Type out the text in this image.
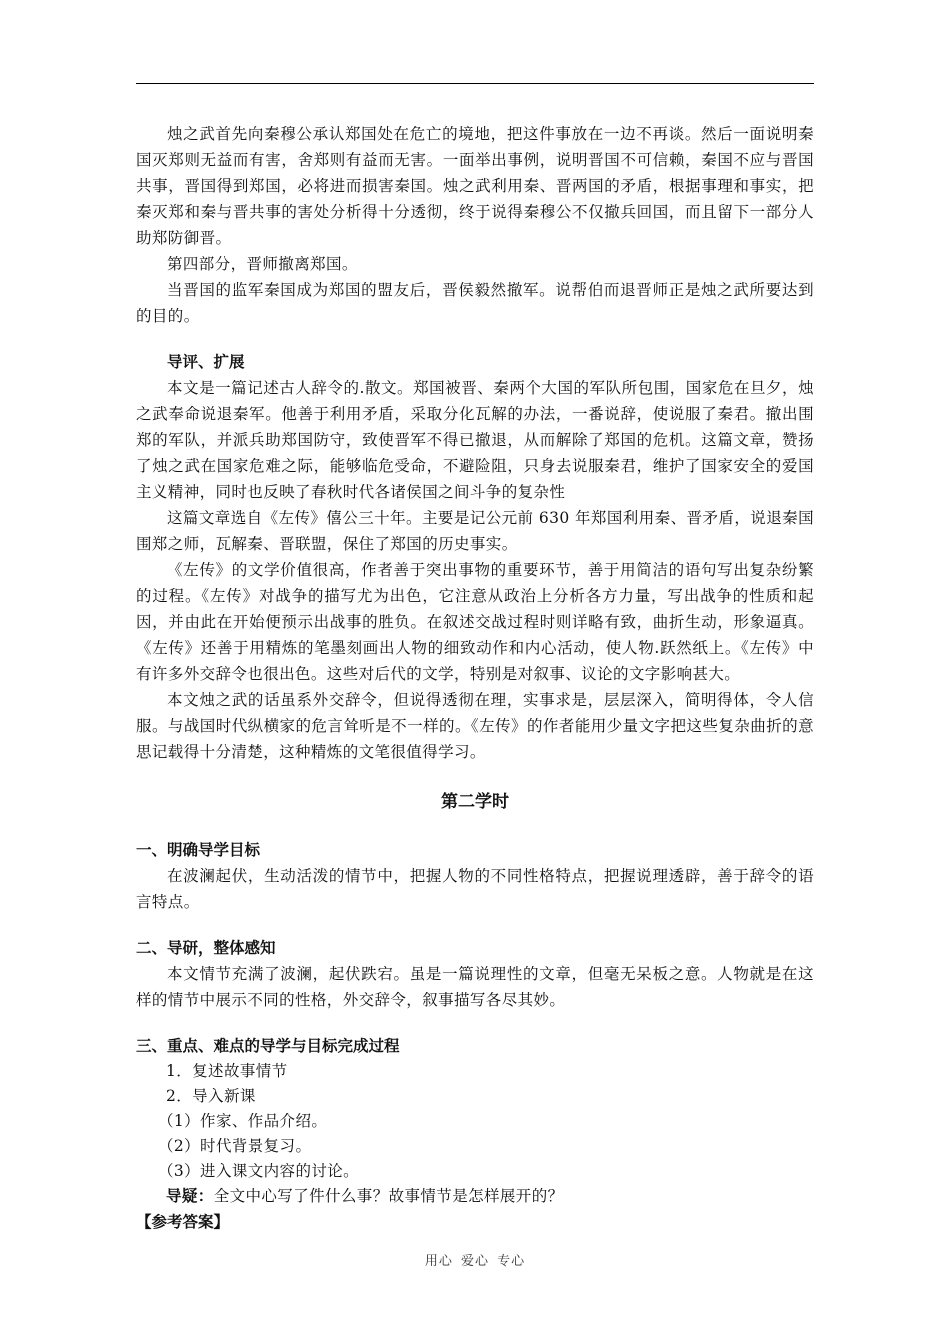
烛之武首先向秦穆公承认郑国处在危亡的境地，把这件事放在一边不再谈。然后一面说明秦国灭郑则无益而有害，舍郑则有益而无害。一面举出事例，说明晋国不可信赖，秦国不应与晋国共事，晋国得到郑国，必将进而损害秦国。烛之武利用秦、晋两国的矛盾，根据事理和事实，把秦灭郑和秦与晋共事的害处分析得十分透彻，终于说得秦穆公不仅撤兵回国，而且留下一部分人助郑防御晋。

第四部分，晋师撤离郑国。

当晋国的监军秦国成为郑国的盟友后，晋侯毅然撤军。说帮伯而退晋师正是烛之武所要达到的目的。

导评、扩展

本文是一篇记述古人辞令的.散文。郑国被晋、秦两个大国的军队所包围，国家危在旦夕，烛之武奉命说退秦军。他善于利用矛盾，采取分化瓦解的办法，一番说辞，使说服了秦君。撤出围郑的军队，并派兵助郑国防守，致使晋军不得已撤退，从而解除了郑国的危机。这篇文章，赞扬了烛之武在国家危难之际，能够临危受命，不避险阻，只身去说服秦君，维护了国家安全的爱国主义精神，同时也反映了春秋时代各诸侯国之间斗争的复杂性

这篇文章选自《左传》僖公三十年。主要是记公元前 630 年郑国利用秦、晋矛盾，说退秦国围郑之师，瓦解秦、晋联盟，保住了郑国的历史事实。

《左传》的文学价值很高，作者善于突出事物的重要环节，善于用简洁的语句写出复杂纷繁的过程。《左传》对战争的描写尤为出色，它注意从政治上分析各方力量，写出战争的性质和起因，并由此在开始便预示出战事的胜负。在叙述交战过程时则详略有致，曲折生动，形象逼真。《左传》还善于用精炼的笔墨刻画出人物的细致动作和内心活动，使人物.跃然纸上。《左传》中有许多外交辞令也很出色。这些对后代的文学，特别是对叙事、议论的文字影响甚大。

本文烛之武的话虽系外交辞令，但说得透彻在理，实事求是，层层深入，简明得体，令人信服。与战国时代纵横家的危言耸听是不一样的。《左传》的作者能用少量文字把这些复杂曲折的意思记载得十分清楚，这种精炼的文笔很值得学习。

第二学时

一、明确导学目标

在波澜起伏，生动活泼的情节中，把握人物的不同性格特点，把握说理透辟，善于辞令的语言特点。

二、导研，整体感知

本文情节充满了波澜，起伏跌宕。虽是一篇说理性的文章，但毫无呆板之意。人物就是在这样的情节中展示不同的性格，外交辞令，叙事描写各尽其妙。

三、重点、难点的导学与目标完成过程

1．复述故事情节

2．导入新课

（1）作家、作品介绍。

（2）时代背景复习。

（3）进入课文内容的讨论。

导疑：全文中心写了件什么事？故事情节是怎样展开的？

【参考答案】

用心 爱心 专心
